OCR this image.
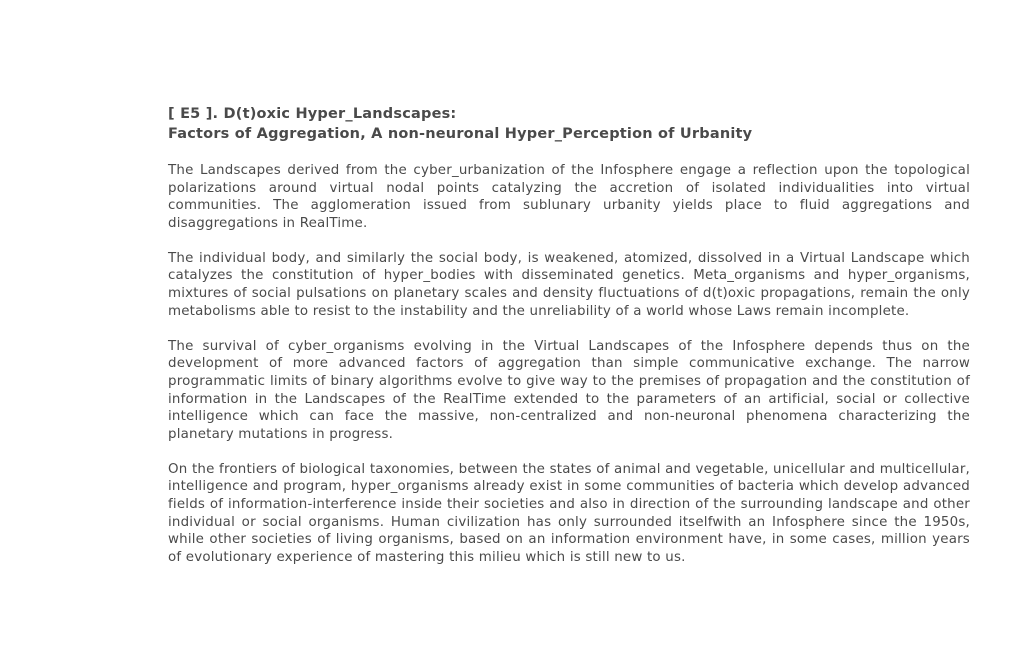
[ E5 ]. D(t)oxic Hyper_Landscapes:
Factors of Aggregation, A non-neuronal Hyper_Perception of Urbanity

The Landscapes derived from the cyber_urbanization of the Infosphere engage a reflection upon the topological polarizations around virtual nodal points catalyzing the accretion of isolated individualities into virtual communities. The agglomeration issued from sublunary urbanity yields place to fluid aggregations and disaggregations in RealTime.

The individual body, and similarly the social body, is weakened, atomized, dissolved in a Virtual Landscape which catalyzes the constitution of hyper_bodies with disseminated genetics. Meta_organisms and hyper_organisms, mixtures of social pulsations on planetary scales and density fluctuations of d(t)oxic propagations, remain the only metabolisms able to resist to the instability and the unreliability of a world whose Laws remain incomplete.

The survival of cyber_organisms evolving in the Virtual Landscapes of the Infosphere depends thus on the development of more advanced factors of aggregation than simple communicative exchange. The narrow programmatic limits of binary algorithms evolve to give way to the premises of propagation and the constitution of information in the Landscapes of the RealTime extended to the parameters of an artificial, social or collective intelligence which can face the massive, non-centralized and non-neuronal phenomena characterizing the planetary mutations in progress.

On the frontiers of biological taxonomies, between the states of animal and vegetable, unicellular and multicellular, intelligence and program, hyper_organisms already exist in some communities of bacteria which develop advanced fields of information-interference inside their societies and also in direction of the surrounding landscape and other individual or social organisms. Human civilization has only surrounded itselfwith an Infosphere since the 1950s, while other societies of living organisms, based on an information environment have, in some cases, million years of evolutionary experience of mastering this milieu which is still new to us.
